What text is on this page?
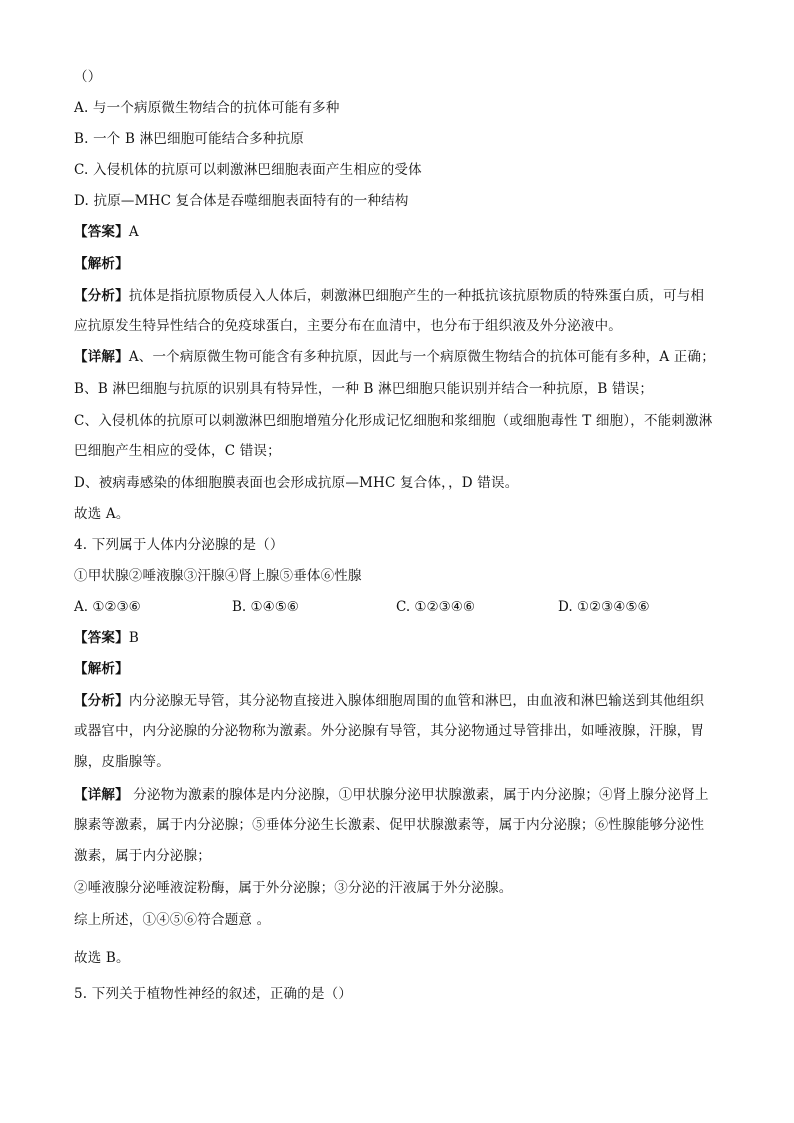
（）
A. 与一个病原微生物结合的抗体可能有多种
B. 一个 B 淋巴细胞可能结合多种抗原
C. 入侵机体的抗原可以刺激淋巴细胞表面产生相应的受体
D. 抗原—MHC 复合体是吞噬细胞表面特有的一种结构
【答案】A
【解析】
【分析】抗体是指抗原物质侵入人体后，刺激淋巴细胞产生的一种抵抗该抗原物质的特殊蛋白质，可与相
应抗原发生特异性结合的免疫球蛋白，主要分布在血清中，也分布于组织液及外分泌液中。
【详解】A、一个病原微生物可能含有多种抗原，因此与一个病原微生物结合的抗体可能有多种，A 正确；
B、B 淋巴细胞与抗原的识别具有特异性，一种 B 淋巴细胞只能识别并结合一种抗原，B 错误；
C、入侵机体的抗原可以刺激淋巴细胞增殖分化形成记忆细胞和浆细胞（或细胞毒性 T 细胞），不能刺激淋
巴细胞产生相应的受体，C 错误；
D、被病毒感染的体细胞膜表面也会形成抗原—MHC 复合体，，D 错误。
故选 A。
4. 下列属于人体内分泌腺的是（）
①甲状腺②唾液腺③汗腺④肾上腺⑤垂体⑥性腺
A. ①②③⑥	B. ①④⑤⑥	C. ①②③④⑥	D. ①②③④⑤⑥
【答案】B
【解析】
【分析】内分泌腺无导管，其分泌物直接进入腺体细胞周围的血管和淋巴，由血液和淋巴输送到其他组织
或器官中，内分泌腺的分泌物称为激素。外分泌腺有导管，其分泌物通过导管排出，如唾液腺，汗腺，胃
腺，皮脂腺等。
【详解】 分泌物为激素的腺体是内分泌腺，①甲状腺分泌甲状腺激素，属于内分泌腺；④肾上腺分泌肾上
腺素等激素，属于内分泌腺；⑤垂体分泌生长激素、促甲状腺激素等，属于内分泌腺；⑥性腺能够分泌性
激素，属于内分泌腺；
②唾液腺分泌唾液淀粉酶，属于外分泌腺；③分泌的汗液属于外分泌腺。
综上所述，①④⑤⑥符合题意 。
故选 B。
5. 下列关于植物性神经的叙述，正确的是（）
